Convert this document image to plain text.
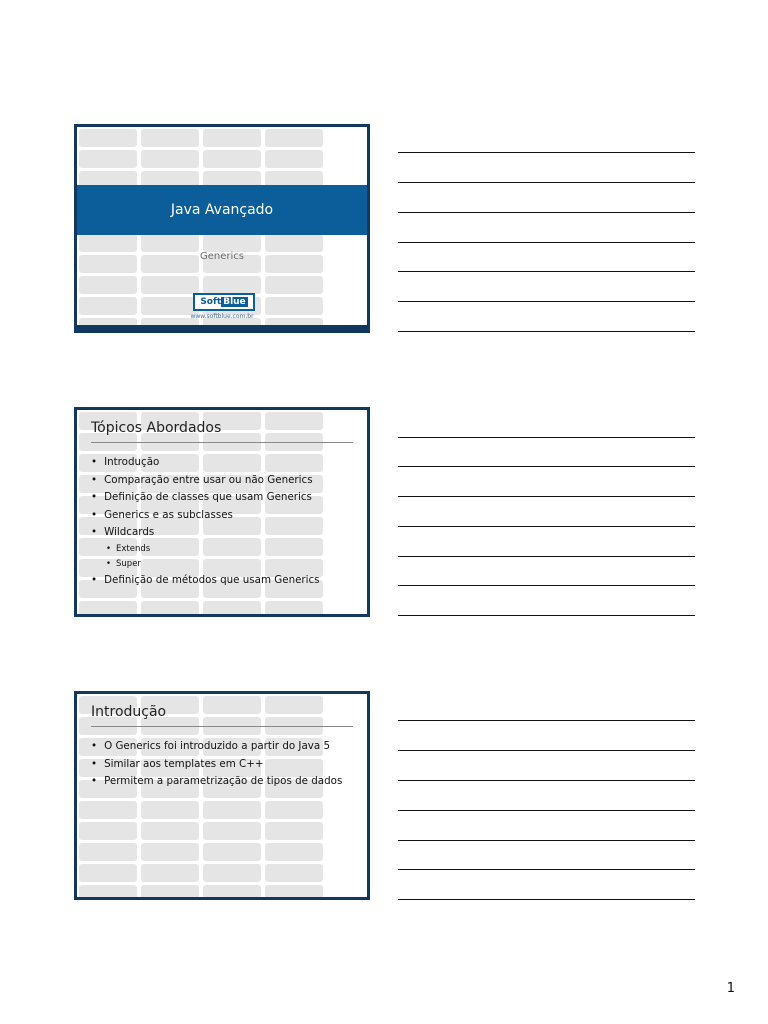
Java Avançado
Generics
Soft Blue
www.softblue.com.br
Tópicos Abordados
• Introdução
• Comparação entre usar ou não Generics
• Definição de classes que usam Generics
• Generics e as subclasses
• Wildcards
• Extends
• Super
• Definição de métodos que usam Generics
Introdução
• O Generics foi introduzido a partir do Java 5
• Similar aos templates em C++
• Permitem a parametrização de tipos de dados
1
